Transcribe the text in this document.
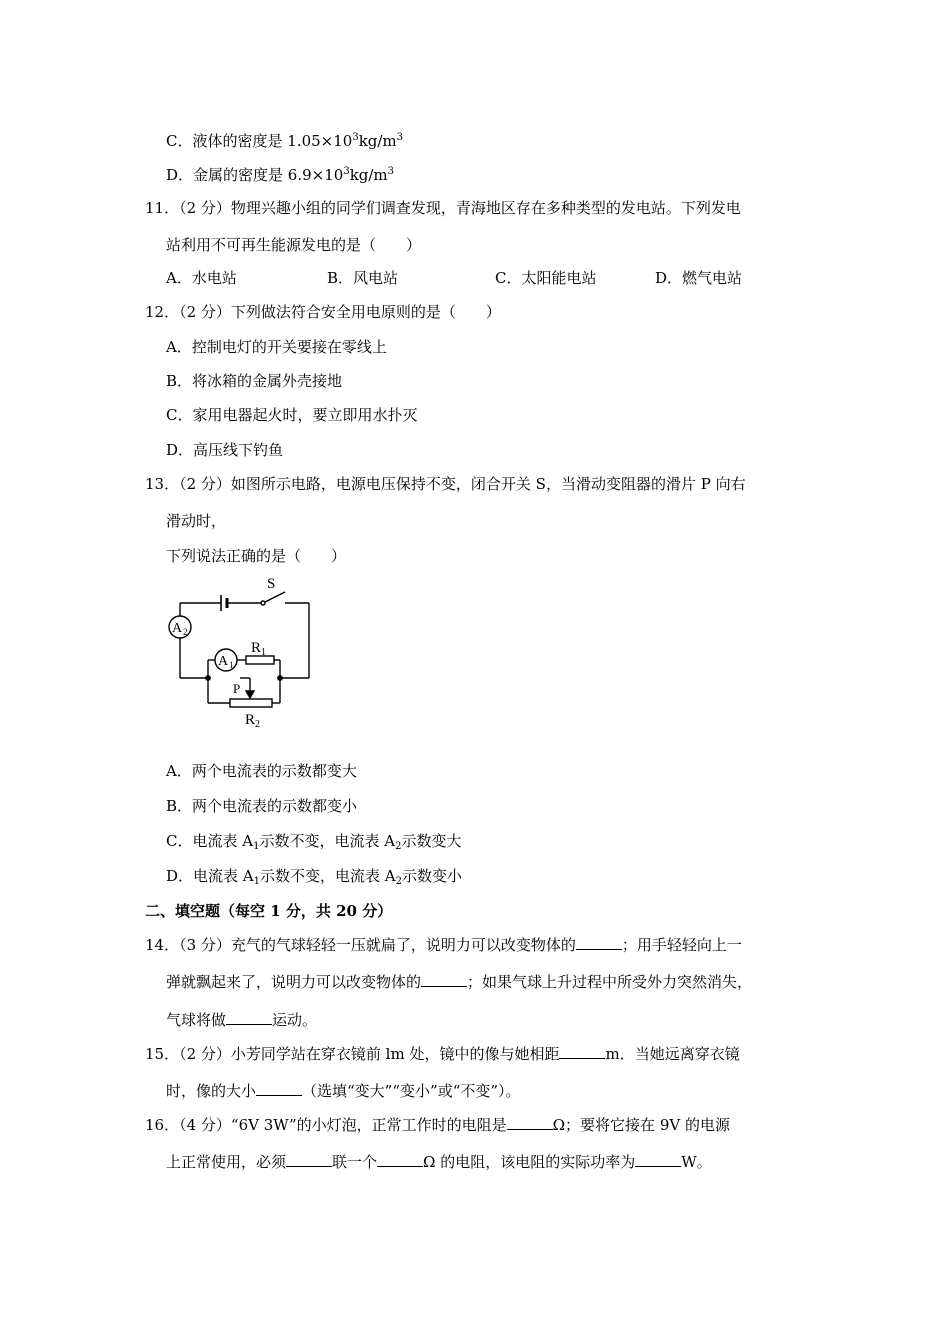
C．液体的密度是 $1.05\times 10^3kg/m^3$
D．金属的密度是 $6.9\times 10^3kg/m^3$
11．（2 分）物理兴趣小组的同学们调查发现，青海地区存在多种类型的发电站。下列发电
站利用不可再生能源发电的是（　　）
A．水电站	B．风电站	C．太阳能电站	D．燃气电站
12．（2 分）下列做法符合安全用电原则的是（　　）
A．控制电灯的开关要接在零线上
B．将冰箱的金属外壳接地
C．家用电器起火时，要立即用水扑灭
D．高压线下钓鱼
13．（2 分）如图所示电路，电源电压保持不变，闭合开关 S，当滑动变阻器的滑片 P 向右
滑动时，
下列说法正确的是（　　）
S
A 2
A 1
R 1
P
R 2
A．两个电流表的示数都变大
B．两个电流表的示数都变小
C．电流表 $A_1$示数不变，电流表 $A_2$示数变大
D．电流表 $A_1$示数不变，电流表 $A_2$示数变小
二、填空题（每空 1 分，共 20 分）
14．（3 分）充气的气球轻轻一压就扁了，说明力可以改变物体的	；用手轻轻向上一
弹就飘起来了，说明力可以改变物体的	；如果气球上升过程中所受外力突然消失，
气球将做	运动。
15．（2 分）小芳同学站在穿衣镜前 lm 处，镜中的像与她相距	m．当她远离穿衣镜
时，像的大小	（选填“变大”“变小”或“不变”）。
16．（4 分）“6V 3W”的小灯泡，正常工作时的电阻是	Ω；要将它接在 9V 的电源
上正常使用，必须	联一个	Ω 的电阻，该电阻的实际功率为	W。
